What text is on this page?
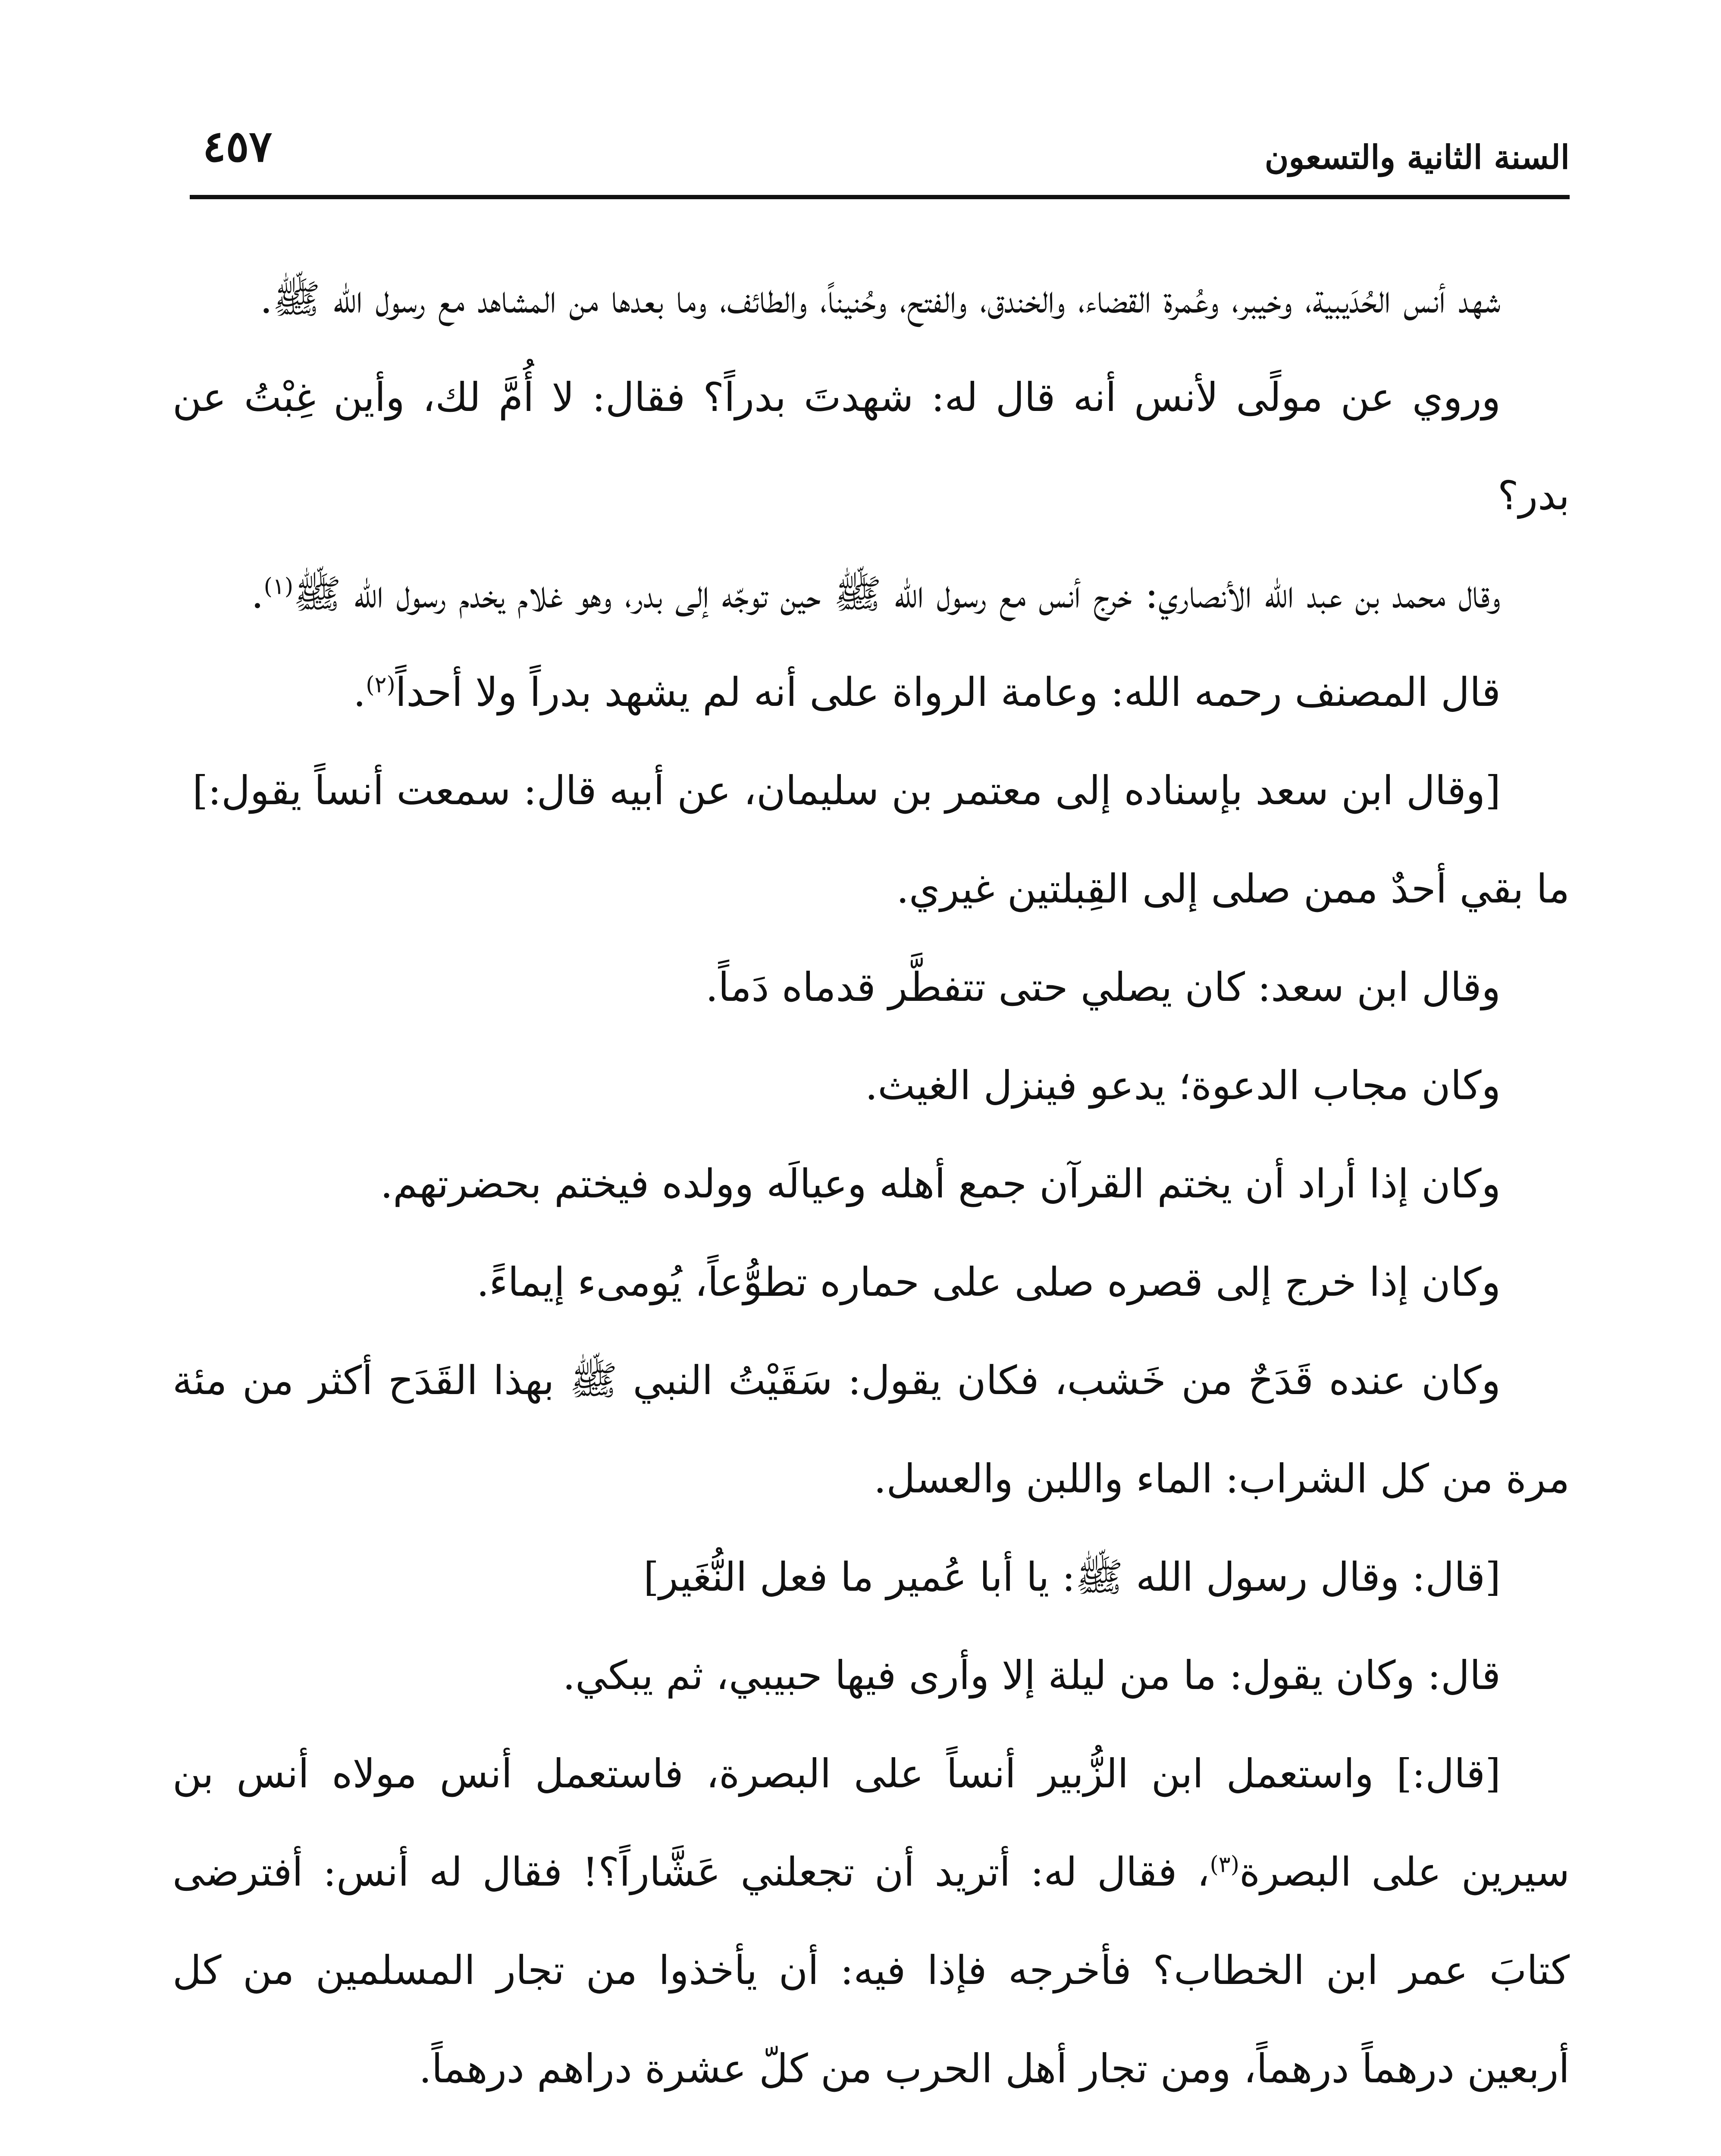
السنة الثانية والتسعون
٤٥٧

شهد أنس الحُدَيبية، وخيبر، وعُمرة القضاء، والخندق، والفتح، وحُنيناً، والطائف، وما بعدها من المشاهد مع رسول الله ﷺ.

وروي عن مولًى لأنس أنه قال له: شهدتَ بدراً؟ فقال: لا أُمَّ لك، وأين غِبْتُ عن بدر؟

وقال محمد بن عبد الله الأنصاري: خرج أنس مع رسول الله ﷺ حين توجّه إلى بدر، وهو غلام يخدم رسول الله ﷺ$^{(١)}$.

قال المصنف رحمه الله: وعامة الرواة على أنه لم يشهد بدراً ولا أحداً$^{(٢)}$.

[وقال ابن سعد بإسناده إلى معتمر بن سليمان، عن أبيه قال: سمعت أنساً يقول:]

ما بقي أحدٌ ممن صلى إلى القِبلتين غيري.

وقال ابن سعد: كان يصلي حتى تتفطَّر قدماه دَماً.

وكان مجاب الدعوة؛ يدعو فينزل الغيث.

وكان إذا أراد أن يختم القرآن جمع أهله وعيالَه وولده فيختم بحضرتهم.

وكان إذا خرج إلى قصره صلى على حماره تطوُّعاً، يُومىء إيماءً.

وكان عنده قَدَحٌ من خَشب، فكان يقول: سَقَيْتُ النبي ﷺ بهذا القَدَح أكثر من مئة مرة من كل الشراب: الماء واللبن والعسل.

[قال: وقال رسول الله ﷺ: يا أبا عُمير ما فعل النُّغَير]

قال: وكان يقول: ما من ليلة إلا وأرى فيها حبيبي، ثم يبكي.

[قال:] واستعمل ابن الزُّبير أنساً على البصرة، فاستعمل أنس مولاه أنس بن سيرين على البصرة$^{(٣)}$، فقال له: أتريد أن تجعلني عَشَّاراً؟! فقال له أنس: أفترضى كتابَ عمر ابن الخطاب؟ فأخرجه فإذا فيه: أن يأخذوا من تجار المسلمين من كل أربعين درهماً درهماً، ومن تجار أهل الحرب من كلّ عشرة دراهم درهماً.
